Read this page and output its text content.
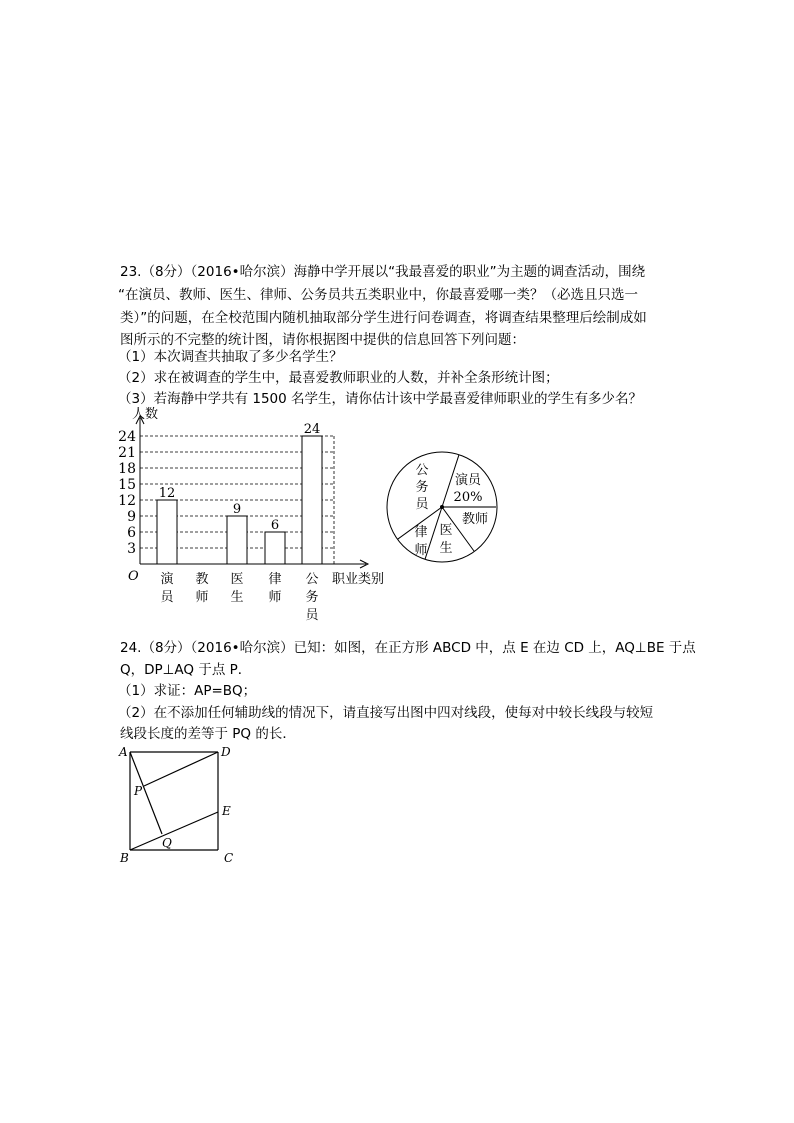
23.（8分）（2016•哈尔滨）海静中学开展以“我最喜爱的职业”为主题的调查活动，围绕
“在演员、教师、医生、律师、公务员共五类职业中，你最喜爱哪一类？（必选且只选一
类）”的问题，在全校范围内随机抽取部分学生进行问卷调查，将调查结果整理后绘制成如
图所示的不完整的统计图，请你根据图中提供的信息回答下列问题：
（1）本次调查共抽取了多少名学生？
（2）求在被调查的学生中，最喜爱教师职业的人数，并补全条形统计图；
（3）若海静中学共有 1500 名学生，请你估计该中学最喜爱律师职业的学生有多少名？
3
6
9
12
15
18
21
24
人数
职业类别
O
12
演
员
教
师
9
医
生
6
律
师
24
公
务
员
演员
20%
教师
医
生
律
师
公
务
员
A	D
B	C
E
P
Q
24.（8分）（2016•哈尔滨）已知：如图，在正方形 ABCD 中，点 E 在边 CD 上，AQ⊥BE 于点
Q，DP⊥AQ 于点 P．
（1）求证：AP=BQ；
（2）在不添加任何辅助线的情况下，请直接写出图中四对线段，使每对中较长线段与较短
线段长度的差等于 PQ 的长．
